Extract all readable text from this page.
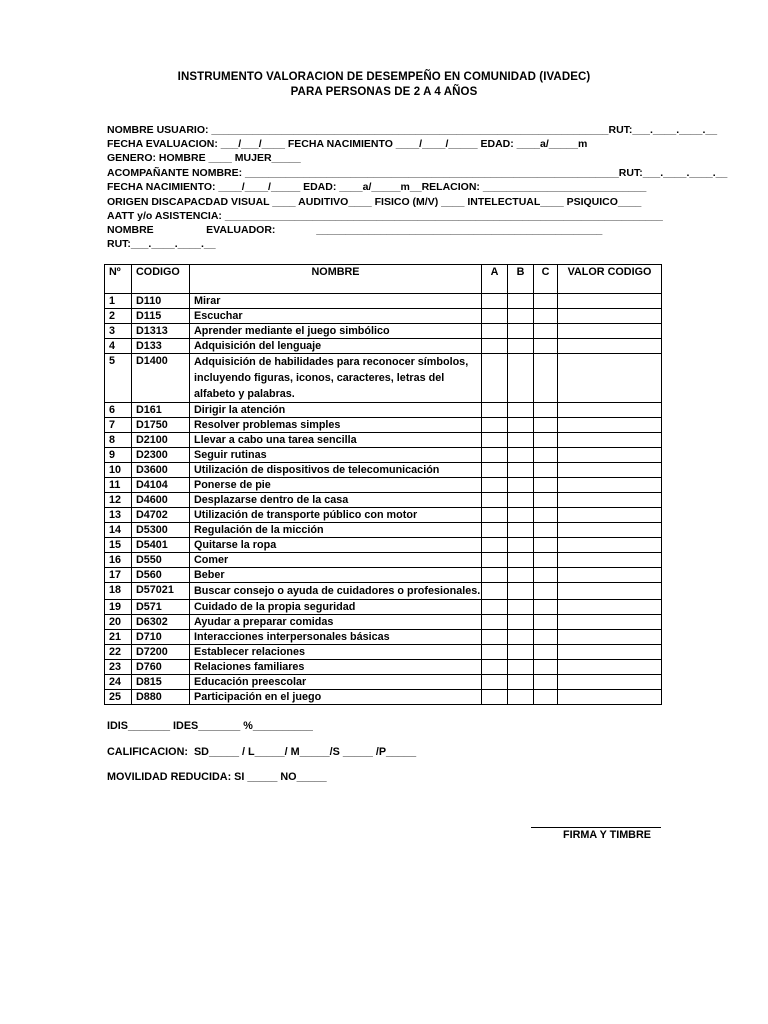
INSTRUMENTO VALORACION DE DESEMPEÑO EN COMUNIDAD (IVADEC)
PARA PERSONAS DE 2 A 4 AÑOS
NOMBRE USUARIO: ____________________________________________________________________RUT:___.____.____.__
FECHA EVALUACION: ___/___/____ FECHA NACIMIENTO ____/____/_____ EDAD: ____a/_____m
GENERO: HOMBRE ____ MUJER_____
ACOMPAÑANTE NOMBRE: ________________________________________________________________RUT:___.____.____.__
FECHA NACIMIENTO: ____/____/_____ EDAD: ____a/_____m__RELACION: ____________________________
ORIGEN DISCAPACDAD VISUAL ____ AUDITIVO____ FISICO (M/V) ____ INTELECTUAL____ PSIQUICO____
AATT y/o ASISTENCIA: ___________________________________________________________________________
NOMBRE                  EVALUADOR:              _________________________________________________
RUT:___.____.____.__
Nº	CODIGO	NOMBRE	A	B	C	VALOR CODIGO
1	D110	Mirar				
2	D115	Escuchar				
3	D1313	Aprender mediante el juego simbólico				
4	D133	Adquisición del lenguaje				
5	D1400	Adquisición de habilidades para reconocer símbolos, incluyendo figuras, iconos, caracteres, letras del alfabeto y palabras.				
6	D161	Dirigir la atención				
7	D1750	Resolver problemas simples				
8	D2100	Llevar a cabo una tarea sencilla				
9	D2300	Seguir rutinas				
10	D3600	Utilización de dispositivos de telecomunicación				
11	D4104	Ponerse de pie				
12	D4600	Desplazarse dentro de la casa				
13	D4702	Utilización de transporte público con motor				
14	D5300	Regulación de la micción				
15	D5401	Quitarse la ropa				
16	D550	Comer				
17	D560	Beber				
18	D57021	Buscar consejo o ayuda de cuidadores o profesionales.				
19	D571	Cuidado de la propia seguridad				
20	D6302	Ayudar a preparar comidas				
21	D710	Interacciones interpersonales básicas				
22	D7200	Establecer relaciones				
23	D760	Relaciones familiares				
24	D815	Educación preescolar				
25	D880	Participación en el juego				
IDIS_______ IDES_______ %__________
CALIFICACION:  SD_____ / L_____/ M_____/S _____ /P_____
MOVILIDAD REDUCIDA: SI _____ NO_____
FIRMA Y TIMBRE
